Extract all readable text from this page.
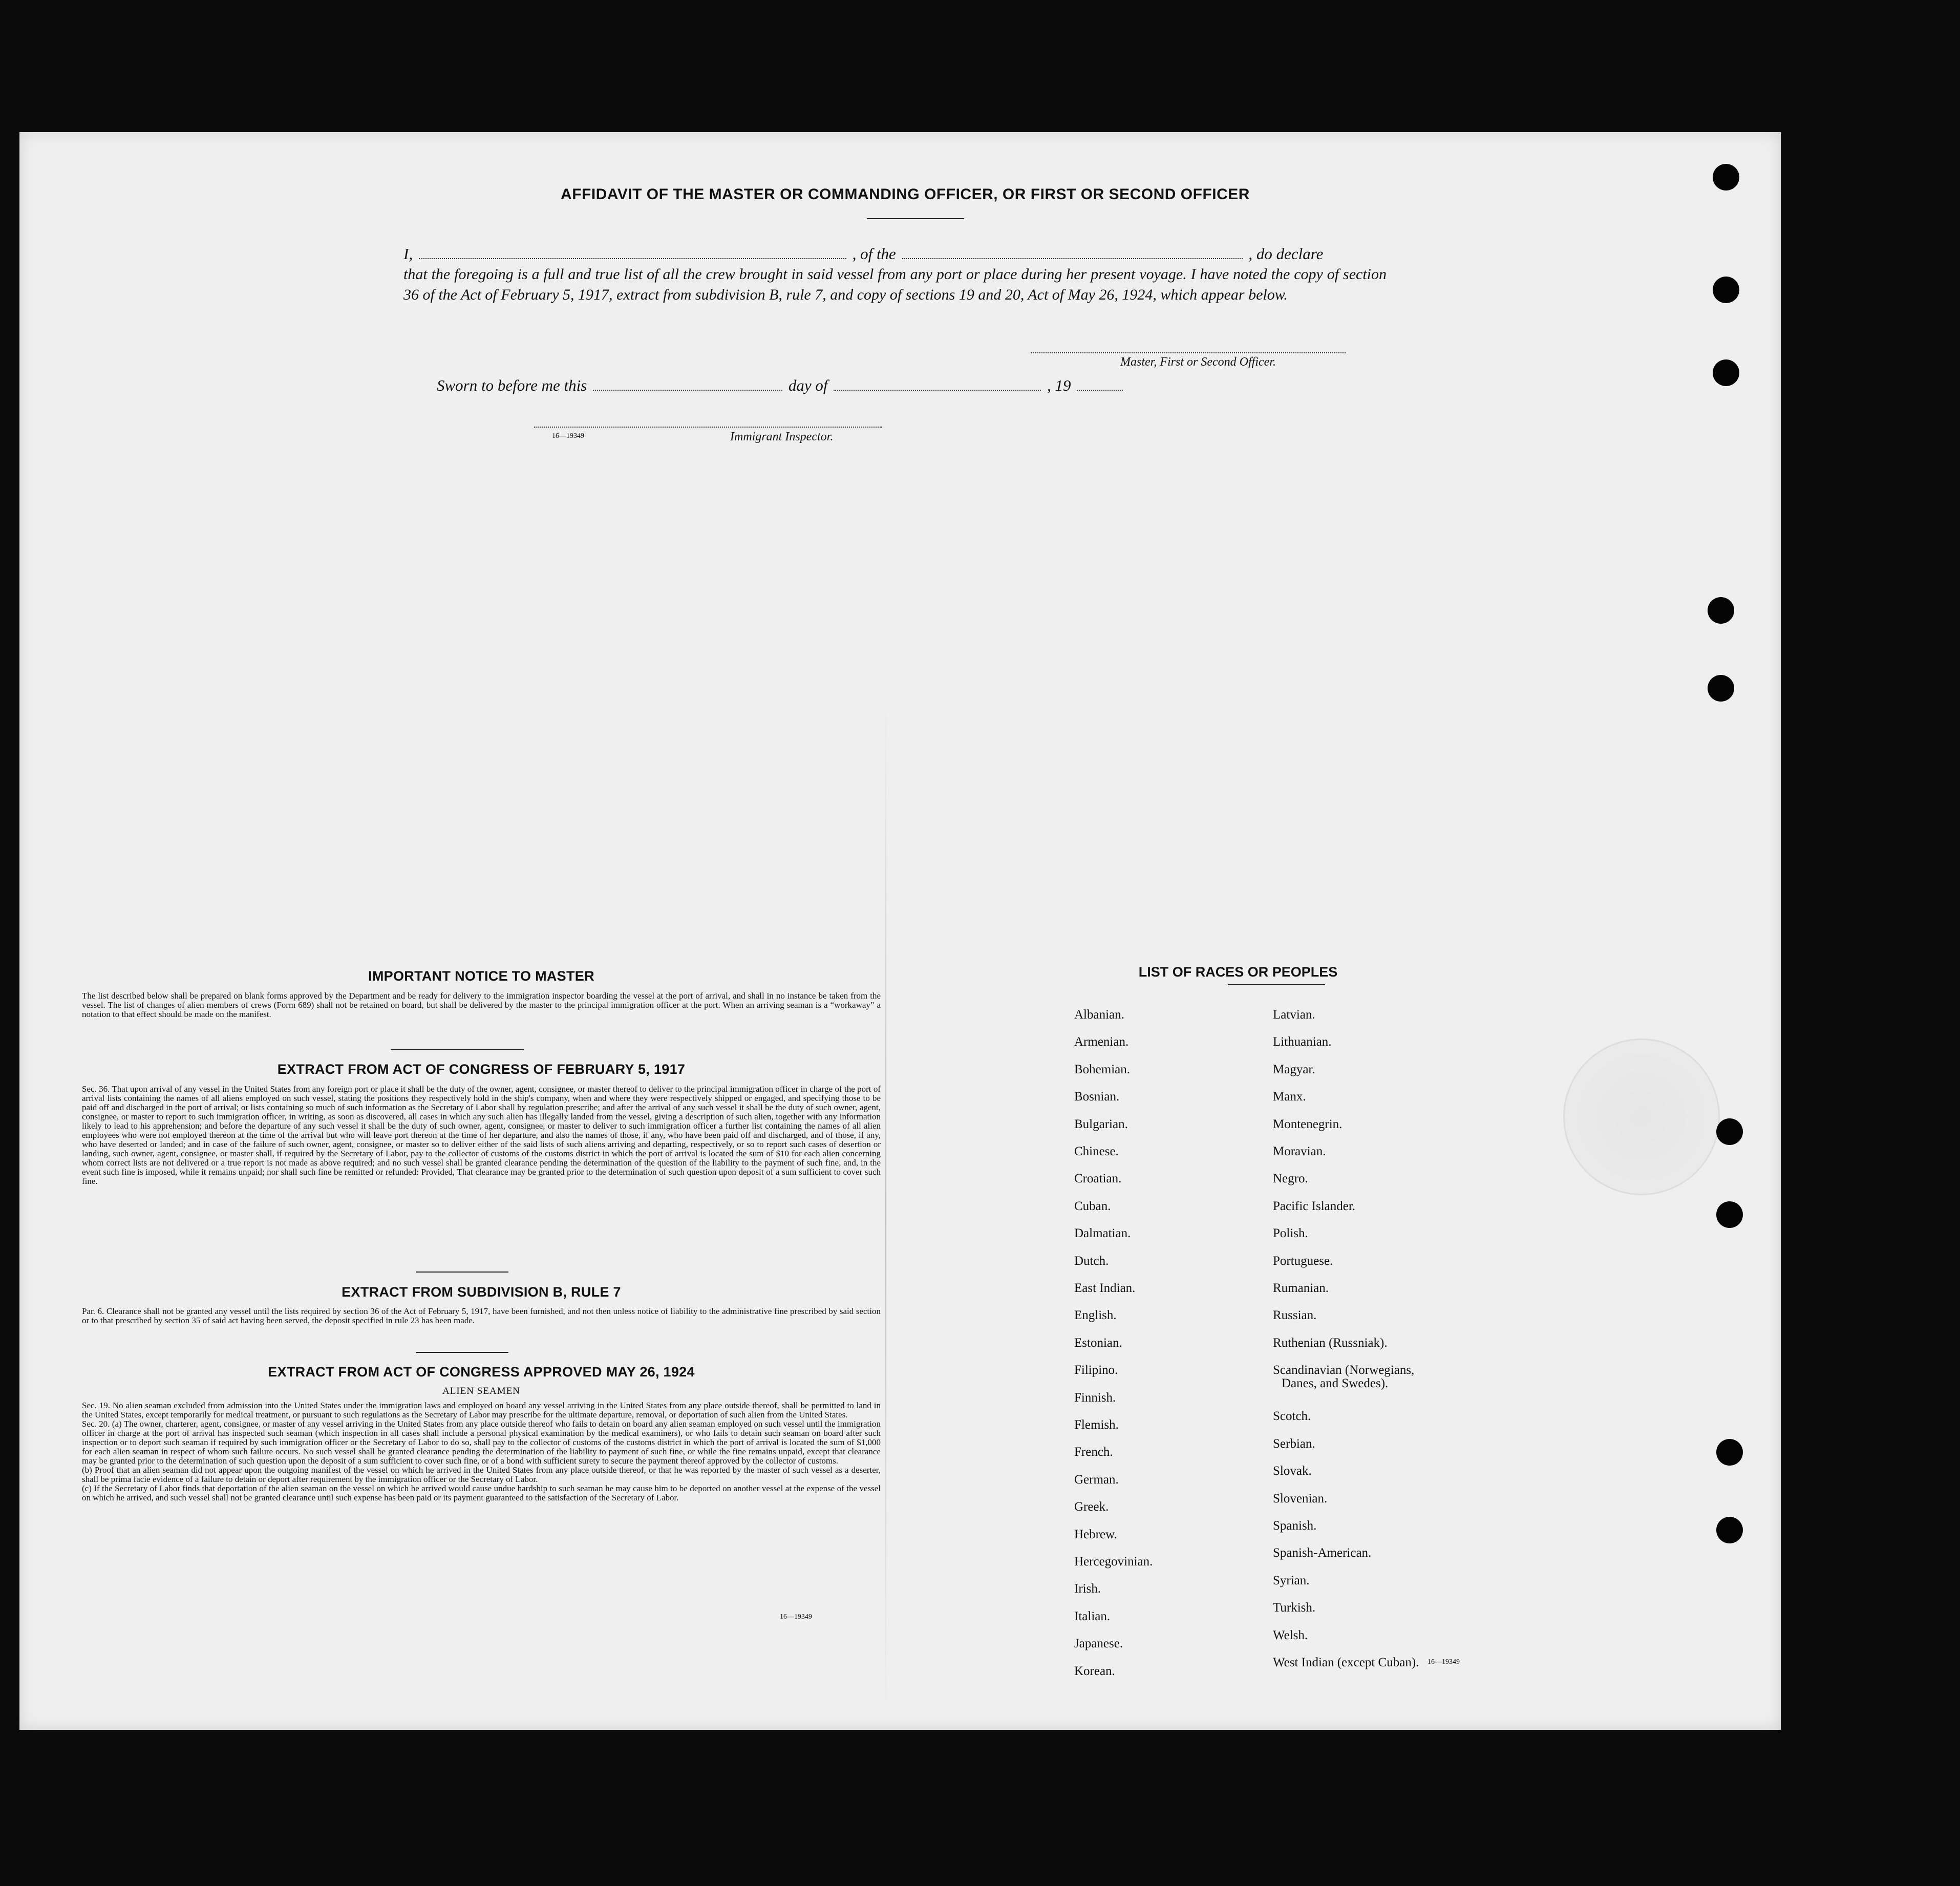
AFFIDAVIT OF THE MASTER OR COMMANDING OFFICER, OR FIRST OR SECOND OFFICER
I,	, of the	, do declare
that the foregoing is a full and true list of all the crew brought in said vessel from any port or place during her present voyage. I have noted the copy of section 36 of the Act of February 5, 1917, extract from subdivision B, rule 7, and copy of sections 19 and 20, Act of May 26, 1924, which appear below.
Master, First or Second Officer.
Sworn to before me this	day of	, 19
16—19349	Immigrant Inspector.
IMPORTANT NOTICE TO MASTER
The list described below shall be prepared on blank forms approved by the Department and be ready for delivery to the immigration inspector boarding the vessel at the port of arrival, and shall in no instance be taken from the vessel. The list of changes of alien members of crews (Form 689) shall not be retained on board, but shall be delivered by the master to the principal immigration officer at the port. When an arriving seaman is a “workaway” a notation to that effect should be made on the manifest.
EXTRACT FROM ACT OF CONGRESS OF FEBRUARY 5, 1917
Sec. 36. That upon arrival of any vessel in the United States from any foreign port or place it shall be the duty of the owner, agent, consignee, or master thereof to deliver to the principal immigration officer in charge of the port of arrival lists containing the names of all aliens employed on such vessel, stating the positions they respectively hold in the ship's company, when and where they were respectively shipped or engaged, and specifying those to be paid off and discharged in the port of arrival; or lists containing so much of such information as the Secretary of Labor shall by regulation prescribe; and after the arrival of any such vessel it shall be the duty of such owner, agent, consignee, or master to report to such immigration officer, in writing, as soon as discovered, all cases in which any such alien has illegally landed from the vessel, giving a description of such alien, together with any information likely to lead to his apprehension; and before the departure of any such vessel it shall be the duty of such owner, agent, consignee, or master to deliver to such immigration officer a further list containing the names of all alien employees who were not employed thereon at the time of the arrival but who will leave port thereon at the time of her departure, and also the names of those, if any, who have been paid off and discharged, and of those, if any, who have deserted or landed; and in case of the failure of such owner, agent, consignee, or master so to deliver either of the said lists of such aliens arriving and departing, respectively, or so to report such cases of desertion or landing, such owner, agent, consignee, or master shall, if required by the Secretary of Labor, pay to the collector of customs of the customs district in which the port of arrival is located the sum of $10 for each alien concerning whom correct lists are not delivered or a true report is not made as above required; and no such vessel shall be granted clearance pending the determination of the question of the liability to the payment of such fine, and, in the event such fine is imposed, while it remains unpaid; nor shall such fine be remitted or refunded: Provided, That clearance may be granted prior to the determination of such question upon deposit of a sum sufficient to cover such fine.
EXTRACT FROM SUBDIVISION B, RULE 7
Par. 6. Clearance shall not be granted any vessel until the lists required by section 36 of the Act of February 5, 1917, have been furnished, and not then unless notice of liability to the administrative fine prescribed by said section or to that prescribed by section 35 of said act having been served, the deposit specified in rule 23 has been made.
EXTRACT FROM ACT OF CONGRESS APPROVED MAY 26, 1924
ALIEN SEAMEN
Sec. 19. No alien seaman excluded from admission into the United States under the immigration laws and employed on board any vessel arriving in the United States from any place outside thereof, shall be permitted to land in the United States, except temporarily for medical treatment, or pursuant to such regulations as the Secretary of Labor may prescribe for the ultimate departure, removal, or deportation of such alien from the United States.
Sec. 20. (a) The owner, charterer, agent, consignee, or master of any vessel arriving in the United States from any place outside thereof who fails to detain on board any alien seaman employed on such vessel until the immigration officer in charge at the port of arrival has inspected such seaman (which inspection in all cases shall include a personal physical examination by the medical examiners), or who fails to detain such seaman on board after such inspection or to deport such seaman if required by such immigration officer or the Secretary of Labor to do so, shall pay to the collector of customs of the customs district in which the port of arrival is located the sum of $1,000 for each alien seaman in respect of whom such failure occurs. No such vessel shall be granted clearance pending the determination of the liability to payment of such fine, or while the fine remains unpaid, except that clearance may be granted prior to the determination of such question upon the deposit of a sum sufficient to cover such fine, or of a bond with sufficient surety to secure the payment thereof approved by the collector of customs.
(b) Proof that an alien seaman did not appear upon the outgoing manifest of the vessel on which he arrived in the United States from any place outside thereof, or that he was reported by the master of such vessel as a deserter, shall be prima facie evidence of a failure to detain or deport after requirement by the immigration officer or the Secretary of Labor.
(c) If the Secretary of Labor finds that deportation of the alien seaman on the vessel on which he arrived would cause undue hardship to such seaman he may cause him to be deported on another vessel at the expense of the vessel on which he arrived, and such vessel shall not be granted clearance until such expense has been paid or its payment guaranteed to the satisfaction of the Secretary of Labor.
16—19349
LIST OF RACES OR PEOPLES
16—19349
Albanian.
Armenian.
Bohemian.
Bosnian.
Bulgarian.
Chinese.
Croatian.
Cuban.
Dalmatian.
Dutch.
East Indian.
English.
Estonian.
Filipino.
Finnish.
Flemish.
French.
German.
Greek.
Hebrew.
Hercegovinian.
Irish.
Italian.
Japanese.
Korean.
Latvian.
Lithuanian.
Magyar.
Manx.
Montenegrin.
Moravian.
Negro.
Pacific Islander.
Polish.
Portuguese.
Rumanian.
Russian.
Ruthenian (Russniak).
Scandinavian (Norwegians,
Danes, and Swedes).
Scotch.
Serbian.
Slovak.
Slovenian.
Spanish.
Spanish-American.
Syrian.
Turkish.
Welsh.
West Indian (except Cuban).
